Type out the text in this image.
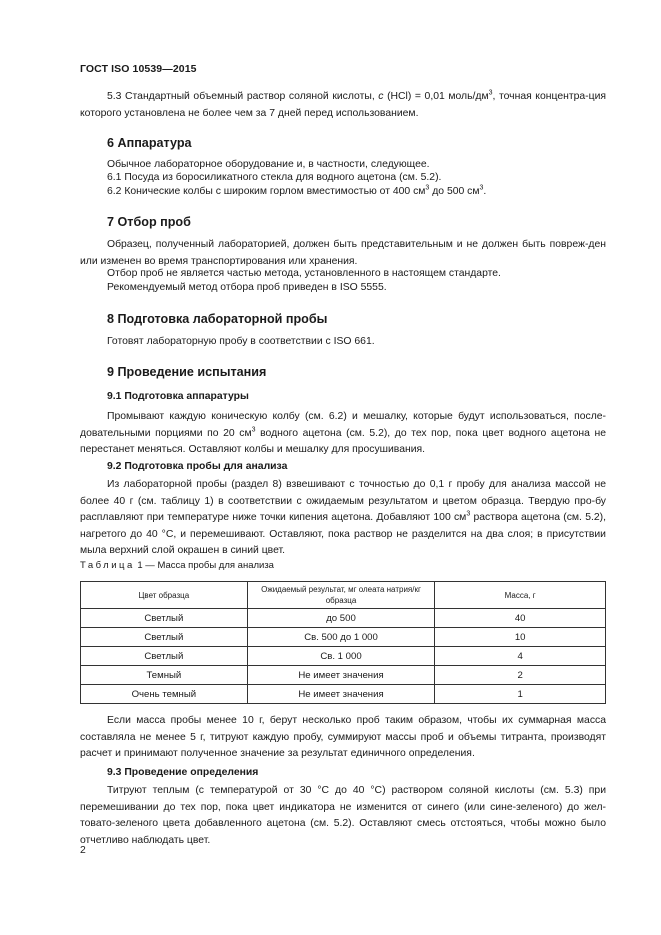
ГОСТ ISO 10539—2015
5.3 Стандартный объемный раствор соляной кислоты, с (HCl) = 0,01 моль/$дм^3$, точная концентра-ция которого установлена не более чем за 7 дней перед использованием.
6 Аппаратура
Обычное лабораторное оборудование и, в частности, следующее.
6.1 Посуда из боросиликатного стекла для водного ацетона (см. 5.2).
6.2 Конические колбы с широким горлом вместимостью от 400 $см^3$ до 500 $см^3$.
7 Отбор проб
Образец, полученный лабораторией, должен быть представительным и не должен быть повреж-ден или изменен во время транспортирования или хранения.
Отбор проб не является частью метода, установленного в настоящем стандарте.
Рекомендуемый метод отбора проб приведен в ISO 5555.
8 Подготовка лабораторной пробы
Готовят лабораторную пробу в соответствии с ISO 661.
9 Проведение испытания
9.1 Подготовка аппаратуры
Промывают каждую коническую колбу (см. 6.2) и мешалку, которые будут использоваться, после-довательными порциями по 20 $см^3$ водного ацетона (см. 5.2), до тех пор, пока цвет водного ацетона не перестанет меняться. Оставляют колбы и мешалку для просушивания.
9.2 Подготовка пробы для анализа
Из лабораторной пробы (раздел 8) взвешивают с точностью до 0,1 г пробу для анализа массой не более 40 г (см. таблицу 1) в соответствии с ожидаемым результатом и цветом образца. Твердую про-бу расплавляют при температуре ниже точки кипения ацетона. Добавляют 100 $см^3$ раствора ацетона (см. 5.2), нагретого до 40 °С, и перемешивают. Оставляют, пока раствор не разделится на два слоя; в присутствии мыла верхний слой окрашен в синий цвет.
Таблица 1 — Масса пробы для анализа
Цвет образца	Ожидаемый результат, мг олеата натрия/кг образца	Масса, г
Светлый	до 500	40
Светлый	Св. 500 до 1 000	10
Светлый	Св. 1 000	4
Темный	Не имеет значения	2
Очень темный	Не имеет значения	1
Если масса пробы менее 10 г, берут несколько проб таким образом, чтобы их суммарная масса составляла не менее 5 г, титруют каждую пробу, суммируют массы проб и объемы титранта, производят расчет и принимают полученное значение за результат единичного определения.
9.3 Проведение определения
Титруют теплым (с температурой от 30 °С до 40 °С) раствором соляной кислоты (см. 5.3) при перемешивании до тех пор, пока цвет индикатора не изменится от синего (или сине-зеленого) до жел-товато-зеленого цвета добавленного ацетона (см. 5.2). Оставляют смесь отстояться, чтобы можно было отчетливо наблюдать цвет.
2
